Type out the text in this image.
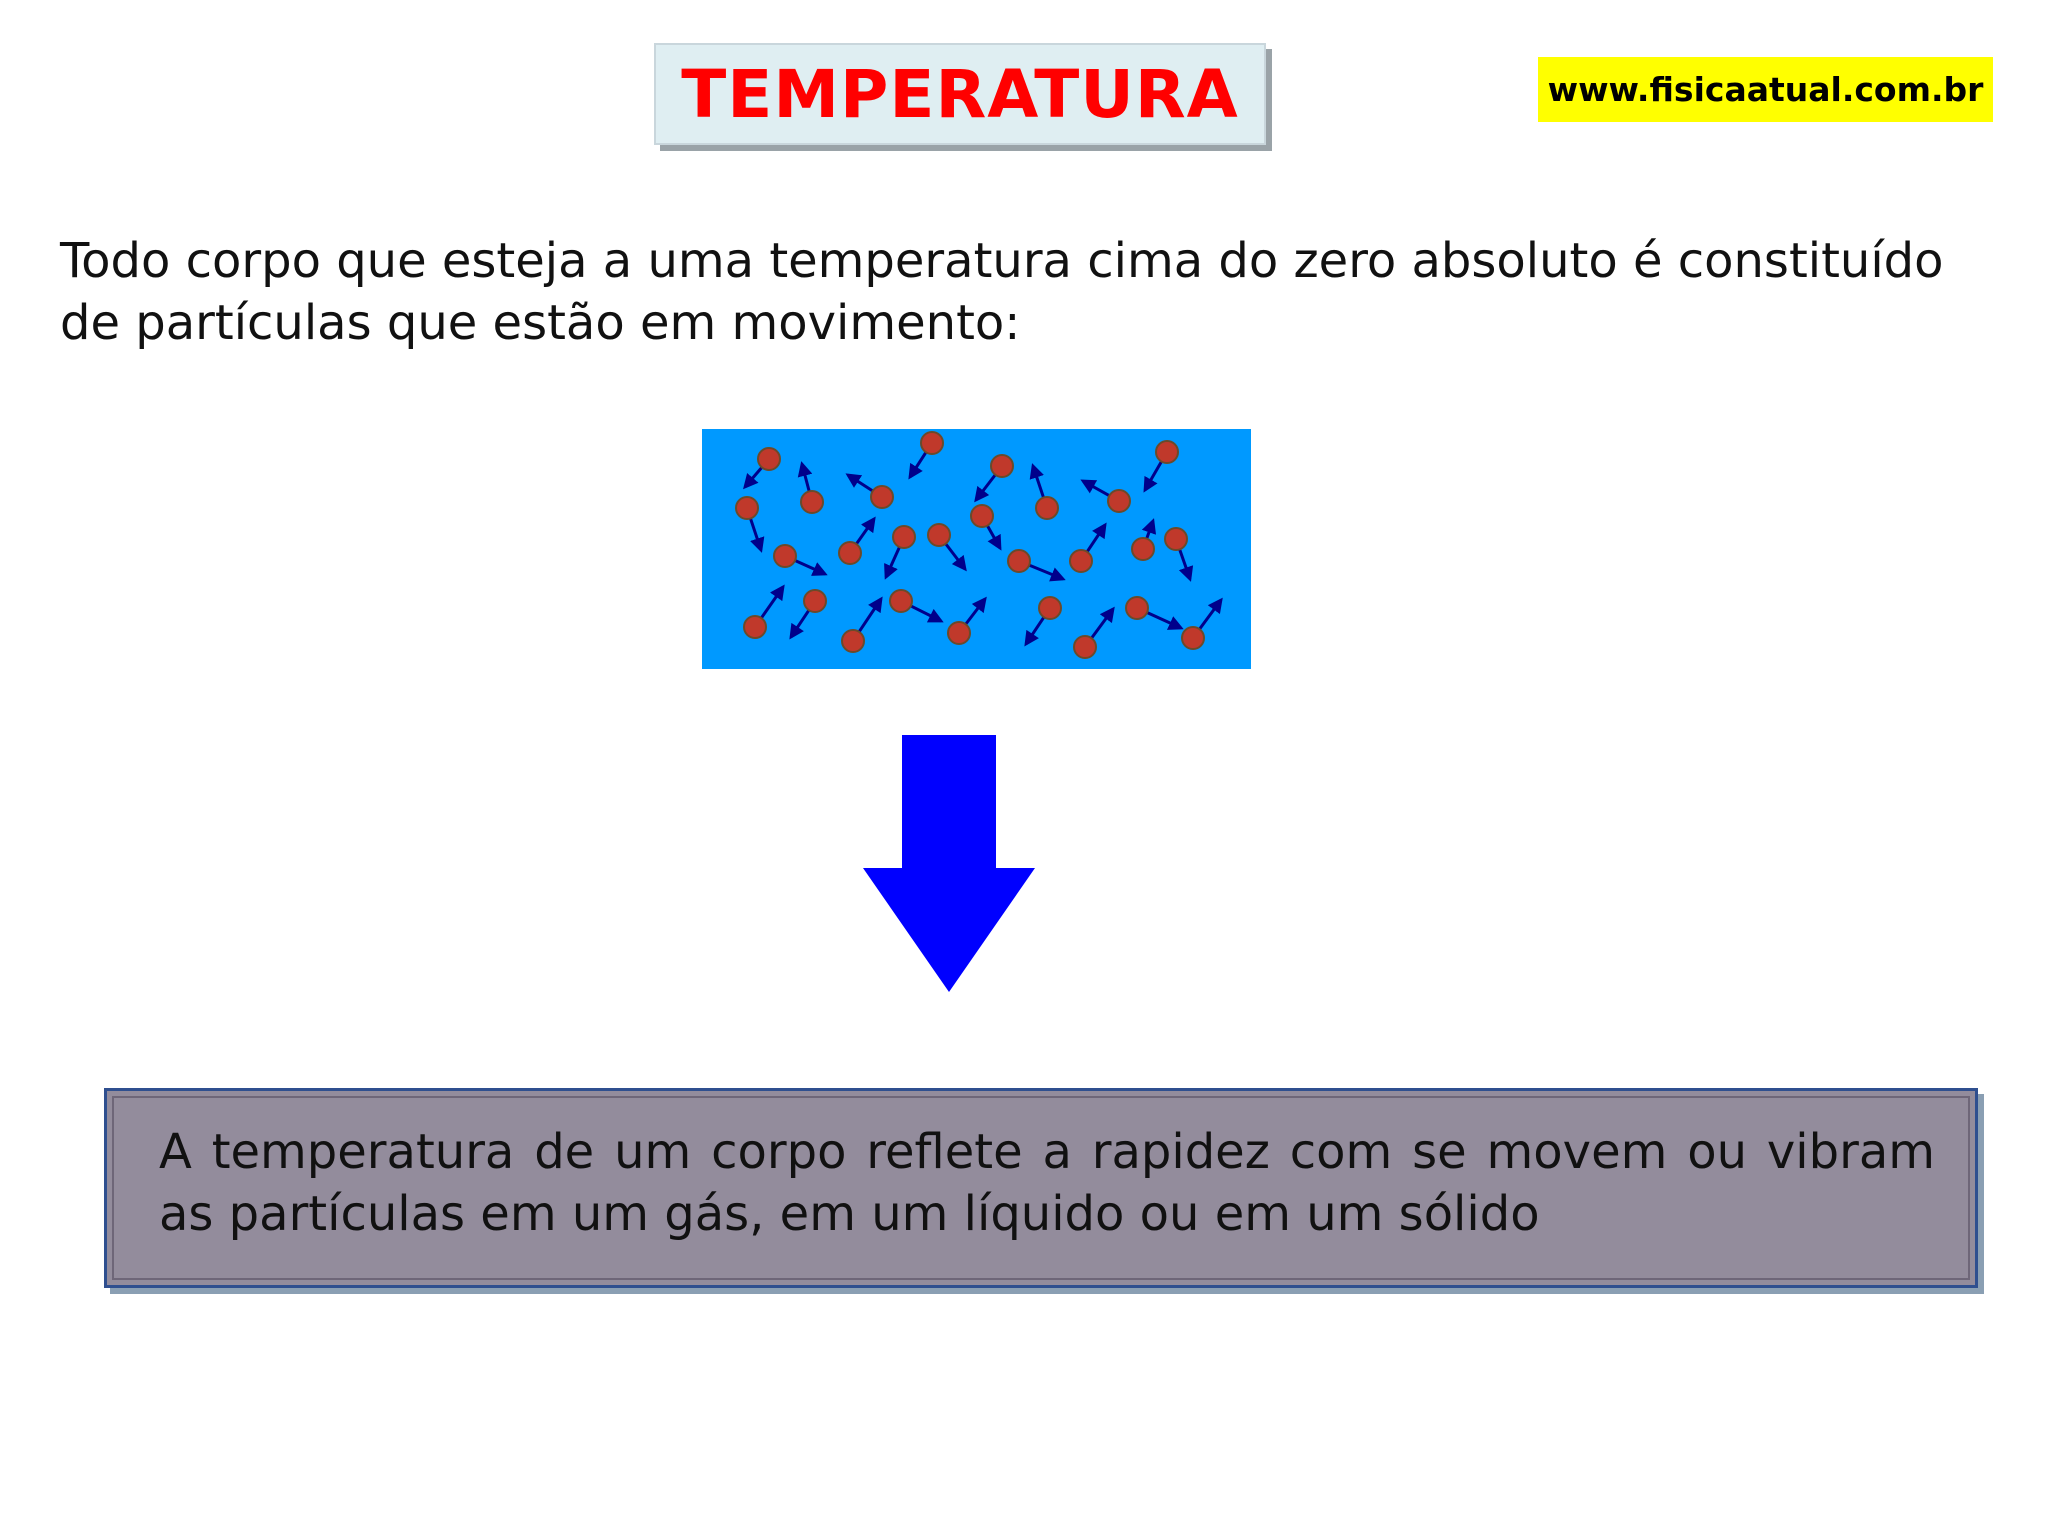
TEMPERATURA	www.fisicaatual.com.br

Todo corpo que esteja a uma temperatura cima do zero absoluto é constituído de partículas que estão em movimento:

A temperatura de um corpo reflete a rapidez com se movem ou vibram as partículas em um gás, em um líquido ou em um sólido
